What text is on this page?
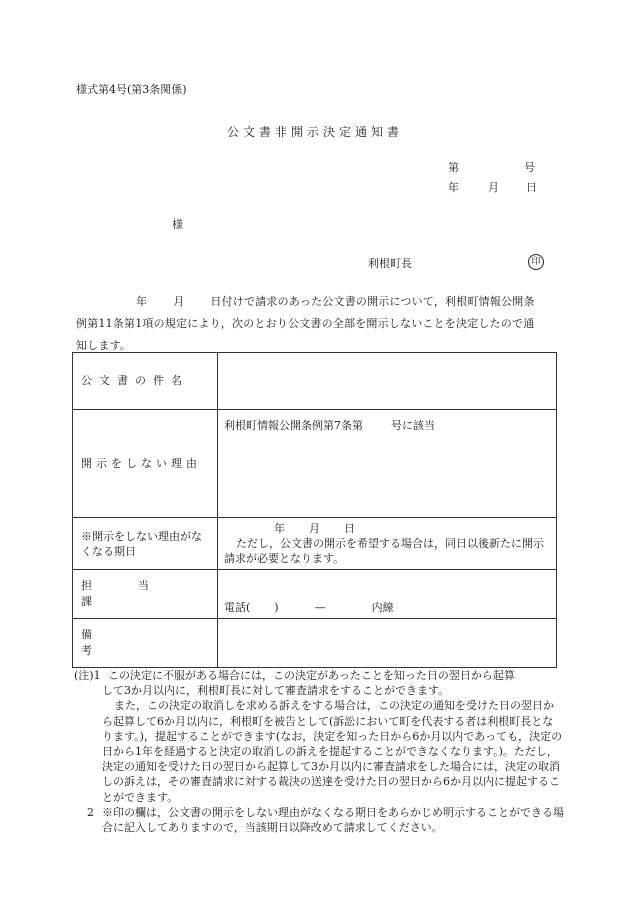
様式第4号(第3条関係)
公文書非開示決定通知書
第	号
年	月 日
様
利根町長	印
年 月 日付けで請求のあった公文書の開示について，利根町情報公開条
例第11条第1項の規定により，次のとおり公文書の全部を開示しないことを決定したので通
知します。
公文書の件名	

開示をしない理由	利根町情報公開条例第7条第 号に該当

※開示をしない理由がなくなる期日	年 月 日
ただし，公文書の開示を希望する場合は，同日以後新たに開示請求が必要となります。

担当課	電話( ) — 内線

備考	

(注)1 この決定に不服がある場合には，この決定があったことを知った日の翌日から起算
して3か月以内に，利根町長に対して審査請求をすることができます。
また，この決定の取消しを求める訴えをする場合は，この決定の通知を受けた日の翌日から起算して6か月以内に，利根町を被告として(訴訟において町を代表する者は利根町長となります。)，提起することができます(なお，決定を知った日から6か月以内であっても，決定の日から1年を経過すると決定の取消しの訴えを提起することができなくなります。)。ただし，決定の通知を受けた日の翌日から起算して3か月以内に審査請求をした場合には，決定の取消しの訴えは，その審査請求に対する裁決の送達を受けた日の翌日から6か月以内に提起することができます。
2 ※印の欄は，公文書の開示をしない理由がなくなる期日をあらかじめ明示することができる場合に記入してありますので，当該期日以降改めて請求してください。
